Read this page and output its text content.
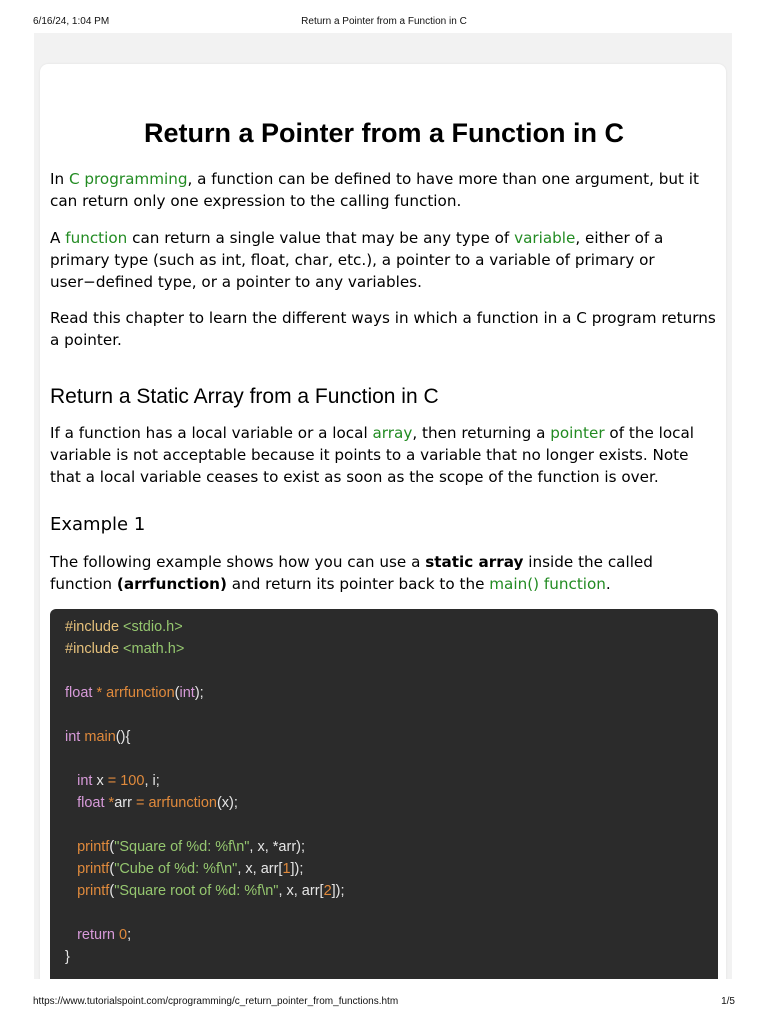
6/16/24, 1:04 PM	Return a Pointer from a Function in C
Return a Pointer from a Function in C

In C programming, a function can be defined to have more than one argument, but it can return only one expression to the calling function.

A function can return a single value that may be any type of variable, either of a primary type (such as int, float, char, etc.), a pointer to a variable of primary or user−defined type, or a pointer to any variables.

Read this chapter to learn the different ways in which a function in a C program returns a pointer.

Return a Static Array from a Function in C

If a function has a local variable or a local array, then returning a pointer of the local variable is not acceptable because it points to a variable that no longer exists. Note that a local variable ceases to exist as soon as the scope of the function is over.

Example 1

The following example shows how you can use a static array inside the called function (arrfunction) and return its pointer back to the main() function.

#include <stdio.h>
#include <math.h>
float * arrfunction(int);
int main(){
int x = 100, i;
float *arr = arrfunction(x);
printf("Square of %d: %f\n", x, *arr);
printf("Cube of %d: %f\n", x, arr[1]);
printf("Square root of %d: %f\n", x, arr[2]);
return 0;
}
https://www.tutorialspoint.com/cprogramming/c_return_pointer_from_functions.htm	1/5
